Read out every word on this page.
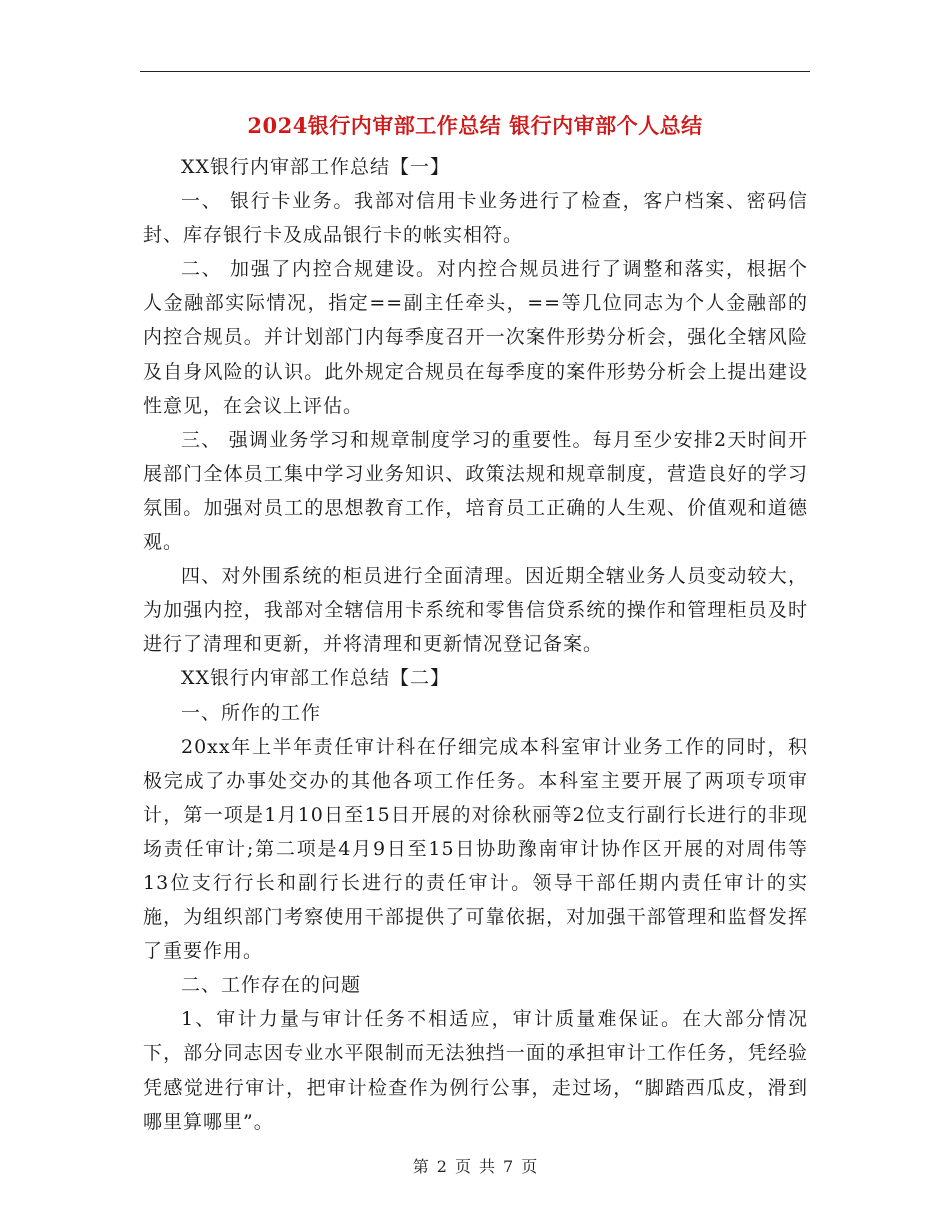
2024银行内审部工作总结 银行内审部个人总结

XX银行内审部工作总结【一】

一、 银行卡业务。我部对信用卡业务进行了检查，客户档案、密码信封、库存银行卡及成品银行卡的帐实相符。

二、 加强了内控合规建设。对内控合规员进行了调整和落实，根据个人金融部实际情况，指定==副主任牵头，==等几位同志为个人金融部的内控合规员。并计划部门内每季度召开一次案件形势分析会，强化全辖风险及自身风险的认识。此外规定合规员在每季度的案件形势分析会上提出建设性意见，在会议上评估。

三、 强调业务学习和规章制度学习的重要性。每月至少安排2天时间开展部门全体员工集中学习业务知识、政策法规和规章制度，营造良好的学习氛围。加强对员工的思想教育工作，培育员工正确的人生观、价值观和道德观。

四、对外围系统的柜员进行全面清理。因近期全辖业务人员变动较大，为加强内控，我部对全辖信用卡系统和零售信贷系统的操作和管理柜员及时进行了清理和更新，并将清理和更新情况登记备案。

XX银行内审部工作总结【二】

一、所作的工作

20xx年上半年责任审计科在仔细完成本科室审计业务工作的同时，积极完成了办事处交办的其他各项工作任务。本科室主要开展了两项专项审计，第一项是1月10日至15日开展的对徐秋丽等2位支行副行长进行的非现场责任审计;第二项是4月9日至15日协助豫南审计协作区开展的对周伟等13位支行行长和副行长进行的责任审计。领导干部任期内责任审计的实施，为组织部门考察使用干部提供了可靠依据，对加强干部管理和监督发挥了重要作用。

二、工作存在的问题

1、审计力量与审计任务不相适应，审计质量难保证。在大部分情况下，部分同志因专业水平限制而无法独挡一面的承担审计工作任务，凭经验凭感觉进行审计，把审计检查作为例行公事，走过场，“脚踏西瓜皮，滑到哪里算哪里”。

第 2 页 共 7 页
